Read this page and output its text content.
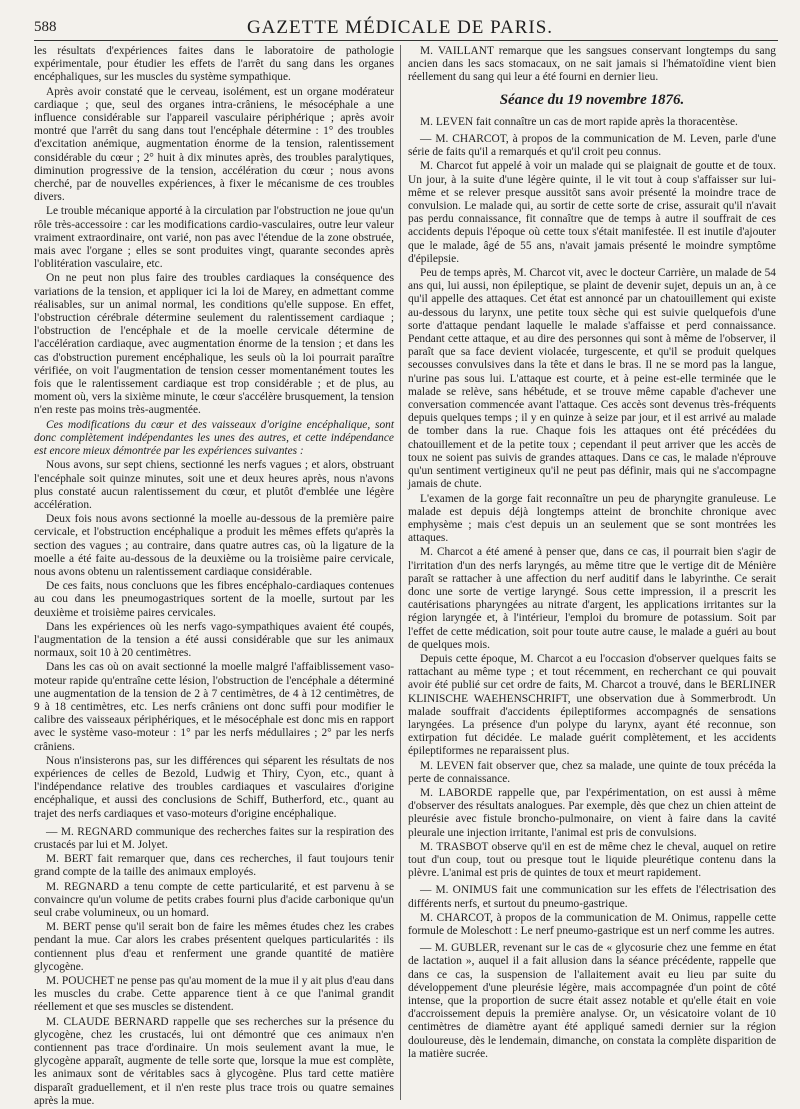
588	GAZETTE MÉDICALE DE PARIS.

les résultats d'expériences faites dans le laboratoire de pathologie expérimentale, pour étudier les effets de l'arrêt du sang dans les organes encéphaliques, sur les muscles du système sympathique.

Après avoir constaté que le cerveau, isolément, est un organe modérateur cardiaque ; que, seul des organes intra-crâniens, le mésocéphale a une influence considérable sur l'appareil vasculaire périphérique ; après avoir montré que l'arrêt du sang dans tout l'encéphale détermine : 1° des troubles d'excitation anémique, augmentation énorme de la tension, ralentissement considérable du cœur ; 2° huit à dix minutes après, des troubles paralytiques, diminution progressive de la tension, accélération du cœur ; nous avons cherché, par de nouvelles expériences, à fixer le mécanisme de ces troubles divers.

Le trouble mécanique apporté à la circulation par l'obstruction ne joue qu'un rôle très-accessoire : car les modifications cardio-vasculaires, outre leur valeur vraiment extraordinaire, ont varié, non pas avec l'étendue de la zone obstruée, mais avec l'organe ; elles se sont produites vingt, quarante secondes après l'oblitération vasculaire, etc.

On ne peut non plus faire des troubles cardiaques la conséquence des variations de la tension, et appliquer ici la loi de Marey, en admettant comme réalisables, sur un animal normal, les conditions qu'elle suppose. En effet, l'obstruction cérébrale détermine seulement du ralentissement cardiaque ; l'obstruction de l'encéphale et de la moelle cervicale détermine de l'accélération cardiaque, avec augmentation énorme de la tension ; et dans les cas d'obstruction purement encéphalique, les seuls où la loi pourrait paraître vérifiée, on voit l'augmentation de tension cesser momentanément toutes les fois que le ralentissement cardiaque est trop considérable ; et de plus, au moment où, vers la sixième minute, le cœur s'accélère brusquement, la tension n'en reste pas moins très-augmentée.

Ces modifications du cœur et des vaisseaux d'origine encéphalique, sont donc complètement indépendantes les unes des autres, et cette indépendance est encore mieux démontrée par les expériences suivantes :

Nous avons, sur sept chiens, sectionné les nerfs vagues ; et alors, obstruant l'encéphale soit quinze minutes, soit une et deux heures après, nous n'avons plus constaté aucun ralentissement du cœur, et plutôt d'emblée une légère accélération.

Deux fois nous avons sectionné la moelle au-dessous de la première paire cervicale, et l'obstruction encéphalique a produit les mêmes effets qu'après la section des vagues ; au contraire, dans quatre autres cas, où la ligature de la moelle a été faite au-dessous de la deuxième ou la troisième paire cervicale, nous avons obtenu un ralentissement cardiaque considérable.

De ces faits, nous concluons que les fibres encéphalo-cardiaques contenues au cou dans les pneumogastriques sortent de la moelle, surtout par les deuxième et troisième paires cervicales.

Dans les expériences où les nerfs vago-sympathiques avaient été coupés, l'augmentation de la tension a été aussi considérable que sur les animaux normaux, soit 10 à 20 centimètres.

Dans les cas où on avait sectionné la moelle malgré l'affaiblissement vaso-moteur rapide qu'entraîne cette lésion, l'obstruction de l'encéphale a déterminé une augmentation de la tension de 2 à 7 centimètres, de 4 à 12 centimètres, de 9 à 18 centimètres, etc. Les nerfs crâniens ont donc suffi pour modifier le calibre des vaisseaux périphériques, et le mésocéphale est donc mis en rapport avec le système vaso-moteur : 1° par les nerfs médullaires ; 2° par les nerfs crâniens.

Nous n'insisterons pas, sur les différences qui séparent les résultats de nos expériences de celles de Bezold, Ludwig et Thiry, Cyon, etc., quant à l'indépendance relative des troubles cardiaques et vasculaires d'origine encéphalique, et aussi des conclusions de Schiff, Butherford, etc., quant au trajet des nerfs cardiaques et vaso-moteurs d'origine encéphalique.

— M. REGNARD communique des recherches faites sur la respiration des crustacés par lui et M. Jolyet.

M. BERT fait remarquer que, dans ces recherches, il faut toujours tenir grand compte de la taille des animaux employés.

M. REGNARD a tenu compte de cette particularité, et est parvenu à se convaincre qu'un volume de petits crabes fourni plus d'acide carbonique qu'un seul crabe volumineux, ou un homard.

M. BERT pense qu'il serait bon de faire les mêmes études chez les crabes pendant la mue. Car alors les crabes présentent quelques particularités : ils contiennent plus d'eau et renferment une grande quantité de matière glycogène.

M. POUCHET ne pense pas qu'au moment de la mue il y ait plus d'eau dans les muscles du crabe. Cette apparence tient à ce que l'animal grandit réellement et que ses muscles se distendent.

M. CLAUDE BERNARD rappelle que ses recherches sur la présence du glycogène, chez les crustacés, lui ont démontré que ces animaux n'en contiennent pas trace d'ordinaire. Un mois seulement avant la mue, le glycogène apparaît, augmente de telle sorte que, lorsque la mue est complète, les animaux sont de véritables sacs à glycogène. Plus tard cette matière disparaît graduellement, et il n'en reste plus trace trois ou quatre semaines après la mue.

M. VAILLANT remarque que les sangsues conservant longtemps du sang ancien dans les sacs stomacaux, on ne sait jamais si l'hématoïdine vient bien réellement du sang qui leur a été fourni en dernier lieu.

Séance du 19 novembre 1876.

M. LEVEN fait connaître un cas de mort rapide après la thoracentèse.

— M. CHARCOT, à propos de la communication de M. Leven, parle d'une série de faits qu'il a remarqués et qu'il croit peu connus.

M. Charcot fut appelé à voir un malade qui se plaignait de goutte et de toux. Un jour, à la suite d'une légère quinte, il le vit tout à coup s'affaisser sur lui-même et se relever presque aussitôt sans avoir présenté la moindre trace de convulsion. Le malade qui, au sortir de cette sorte de crise, assurait qu'il n'avait pas perdu connaissance, fit connaître que de temps à autre il souffrait de ces accidents depuis l'époque où cette toux s'était manifestée. Il est inutile d'ajouter que le malade, âgé de 55 ans, n'avait jamais présenté le moindre symptôme d'épilepsie.

Peu de temps après, M. Charcot vit, avec le docteur Carrière, un malade de 54 ans qui, lui aussi, non épileptique, se plaint de devenir sujet, depuis un an, à ce qu'il appelle des attaques. Cet état est annoncé par un chatouillement qui existe au-dessous du larynx, une petite toux sèche qui est suivie quelquefois d'une sorte d'attaque pendant laquelle le malade s'affaisse et perd connaissance. Pendant cette attaque, et au dire des personnes qui sont à même de l'observer, il paraît que sa face devient violacée, turgescente, et qu'il se produit quelques secousses convulsives dans la tête et dans le bras. Il ne se mord pas la langue, n'urine pas sous lui. L'attaque est courte, et à peine est-elle terminée que le malade se relève, sans hébétude, et se trouve même capable d'achever une conversation commencée avant l'attaque. Ces accès sont devenus très-fréquents depuis quelques temps ; il y en quinze à seize par jour, et il est arrivé au malade de tomber dans la rue. Chaque fois les attaques ont été précédées du chatouillement et de la petite toux ; cependant il peut arriver que les accès de toux ne soient pas suivis de grandes attaques. Dans ce cas, le malade n'éprouve qu'un sentiment vertigineux qu'il ne peut pas définir, mais qui ne s'accompagne jamais de chute.

L'examen de la gorge fait reconnaître un peu de pharyngite granuleuse. Le malade est depuis déjà longtemps atteint de bronchite chronique avec emphysème ; mais c'est depuis un an seulement que se sont montrées les attaques.

M. Charcot a été amené à penser que, dans ce cas, il pourrait bien s'agir de l'irritation d'un des nerfs laryngés, au même titre que le vertige dit de Ménière paraît se rattacher à une affection du nerf auditif dans le labyrinthe. Ce serait donc une sorte de vertige laryngé. Sous cette impression, il a prescrit les cautérisations pharyngées au nitrate d'argent, les applications irritantes sur la région laryngée et, à l'intérieur, l'emploi du bromure de potassium. Soit par l'effet de cette médication, soit pour toute autre cause, le malade a guéri au bout de quelques mois.

Depuis cette époque, M. Charcot a eu l'occasion d'observer quelques faits se rattachant au même type ; et tout récemment, en recherchant ce qui pouvait avoir été publié sur cet ordre de faits, M. Charcot a trouvé, dans le BERLINER KLINISCHE WAEHENSCHRIFT, une observation due à Sommerbrodt. Un malade souffrait d'accidents épileptiformes accompagnés de sensations laryngées. La présence d'un polype du larynx, ayant été reconnue, son extirpation fut décidée. Le malade guérit complètement, et les accidents épileptiformes ne reparaissent plus.

M. LEVEN fait observer que, chez sa malade, une quinte de toux précéda la perte de connaissance.

M. LABORDE rappelle que, par l'expérimentation, on est aussi à même d'observer des résultats analogues. Par exemple, dès que chez un chien atteint de pleurésie avec fistule broncho-pulmonaire, on vient à faire dans la cavité pleurale une injection irritante, l'animal est pris de convulsions.

M. TRASBOT observe qu'il en est de même chez le cheval, auquel on retire tout d'un coup, tout ou presque tout le liquide pleurétique contenu dans la plèvre. L'animal est pris de quintes de toux et meurt rapidement.

— M. ONIMUS fait une communication sur les effets de l'électrisation des différents nerfs, et surtout du pneumo-gastrique.

M. CHARCOT, à propos de la communication de M. Onimus, rappelle cette formule de Moleschott : Le nerf pneumo-gastrique est un nerf comme les autres.

— M. GUBLER, revenant sur le cas de « glycosurie chez une femme en état de lactation », auquel il a fait allusion dans la séance précédente, rappelle que dans ce cas, la suspension de l'allaitement avait eu lieu par suite du développement d'une pleurésie légère, mais accompagnée d'un point de côté intense, que la proportion de sucre était assez notable et qu'elle était en voie d'accroissement depuis la première analyse. Or, un vésicatoire volant de 10 centimètres de diamètre ayant été appliqué samedi dernier sur la région douloureuse, dès le lendemain, dimanche, on constata la complète disparition de la matière sucrée.
